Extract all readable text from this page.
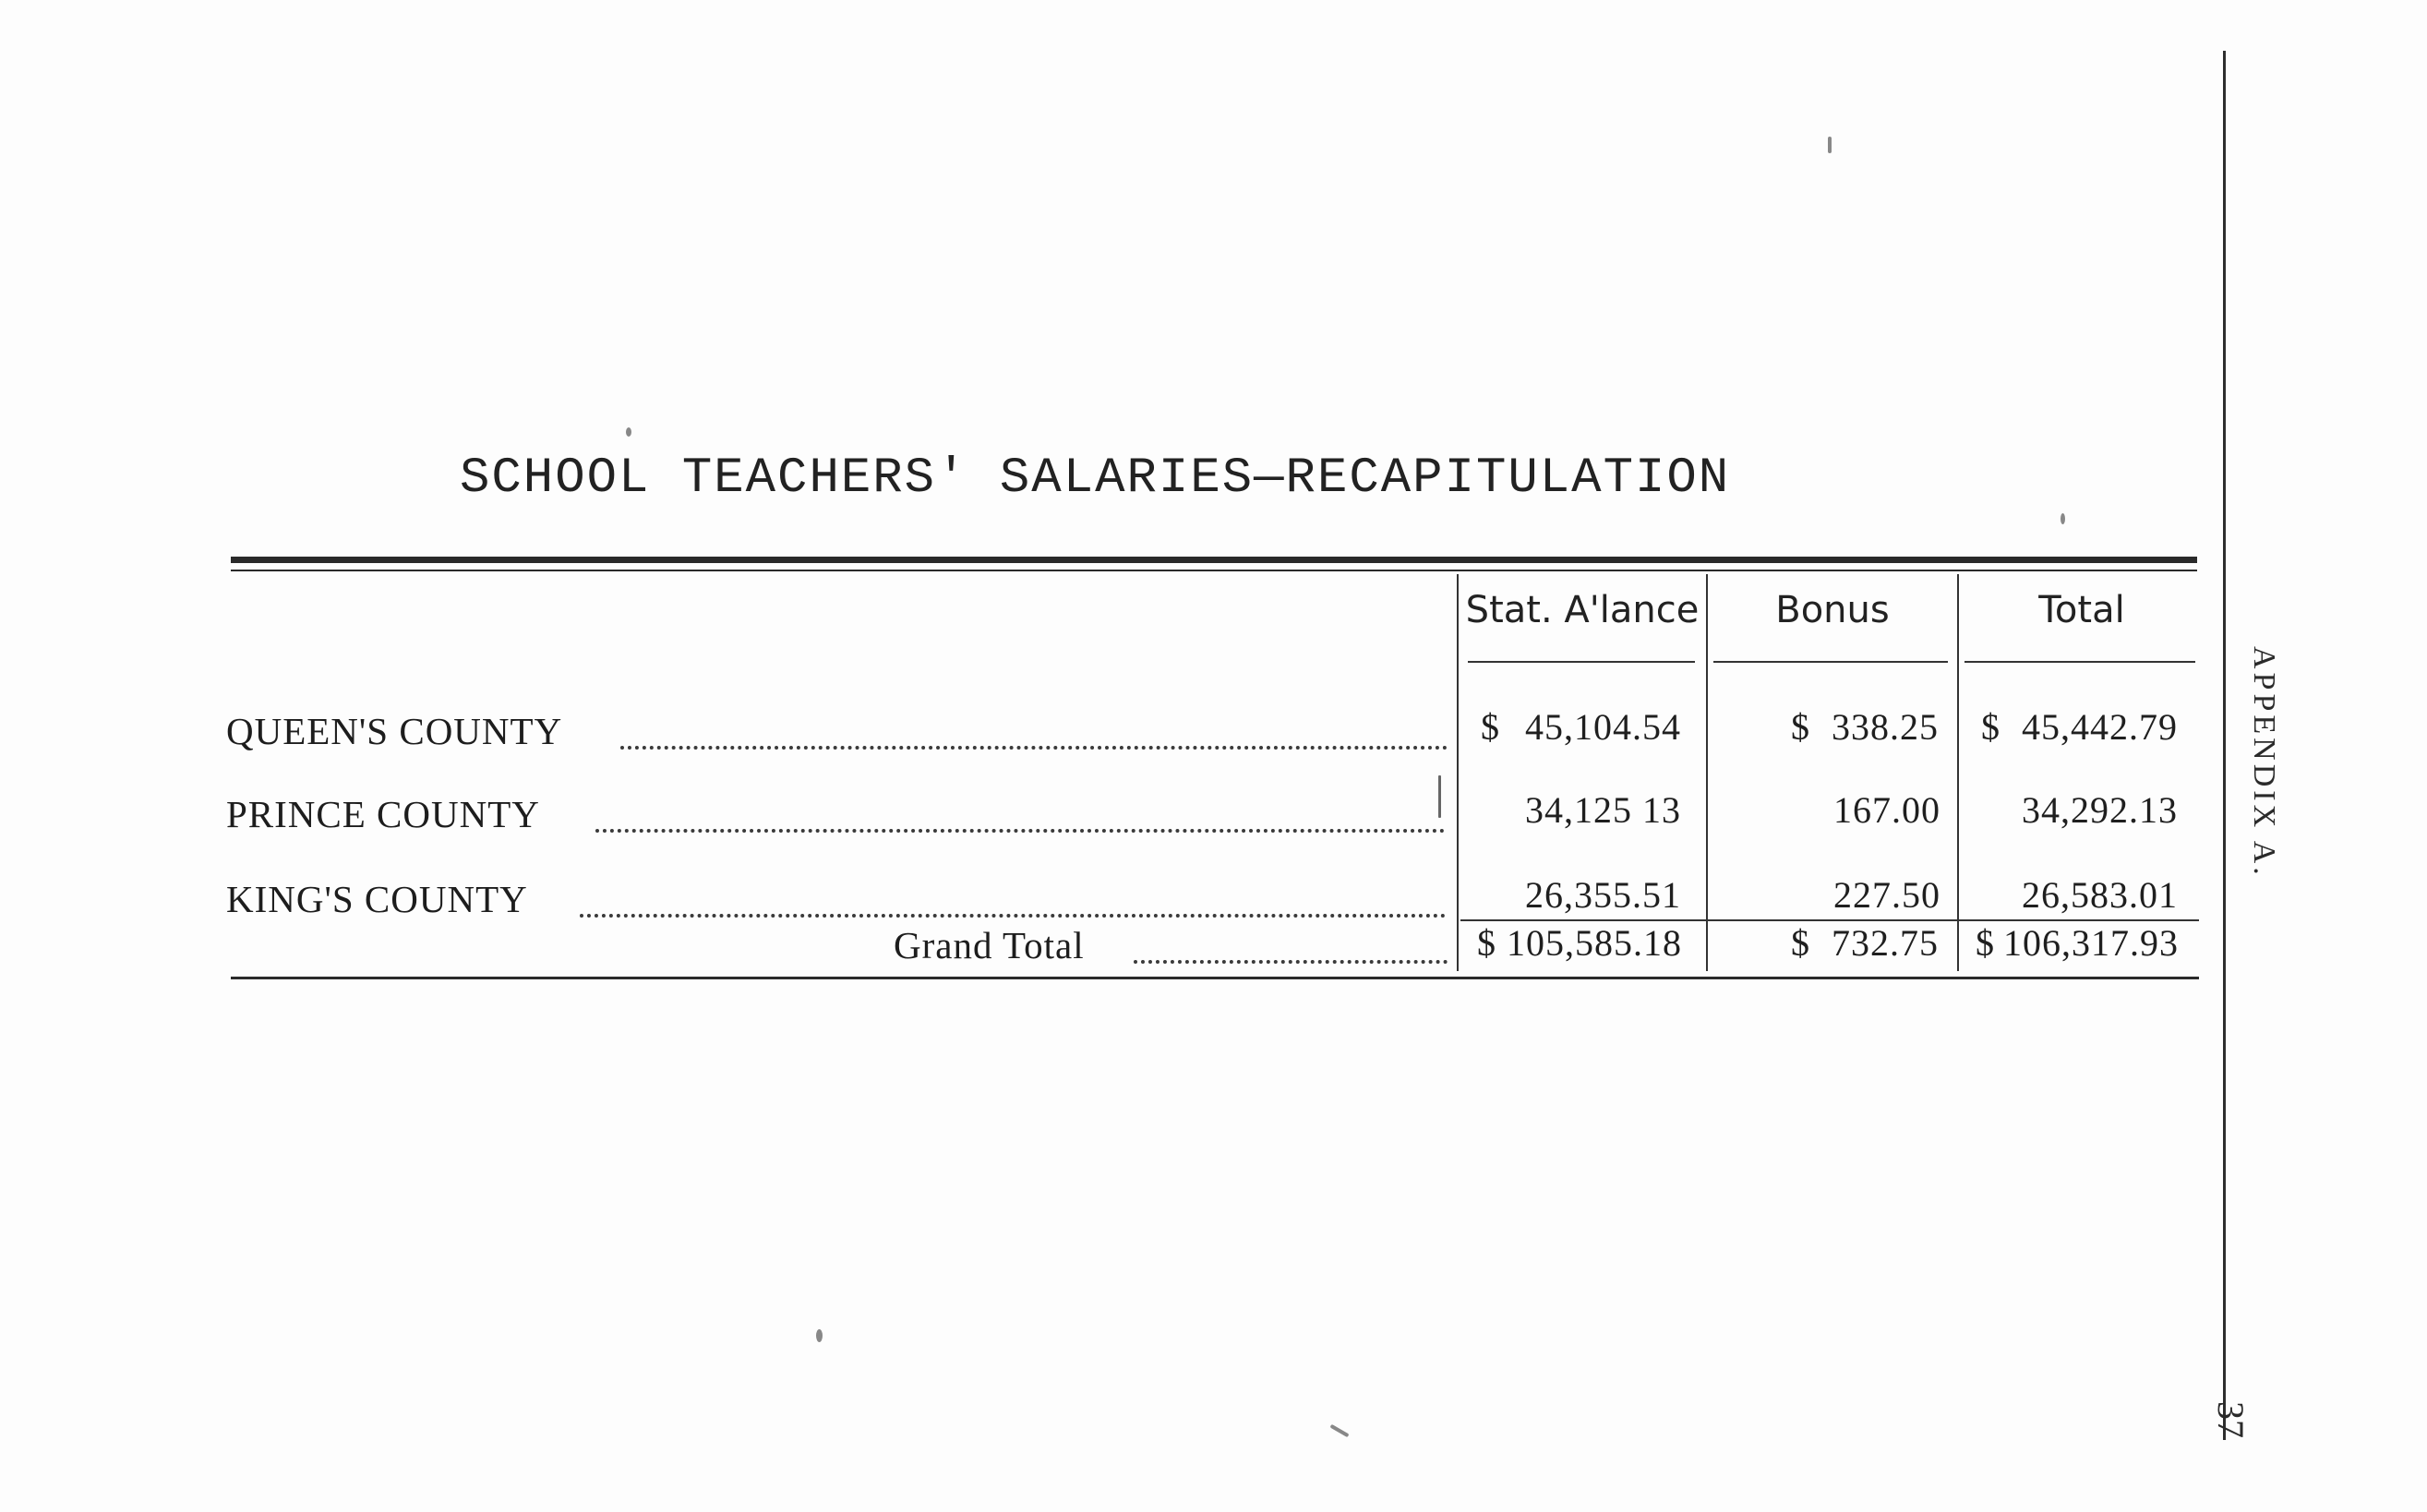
SCHOOL TEACHERS' SALARIES—RECAPITULATION
Stat. A'lance	Bonus	Total
QUEEN'S COUNTY	$ 45,104.54	$ 338.25 $ 45,442.79
PRINCE COUNTY	34,125 13	167.00 34,292.13
KING'S COUNTY	26,355.51	227.50 26,583.01
Grand Total	$ 105,585.18	$ 732.75 $ 106,317.93
APPENDIX A.
37
